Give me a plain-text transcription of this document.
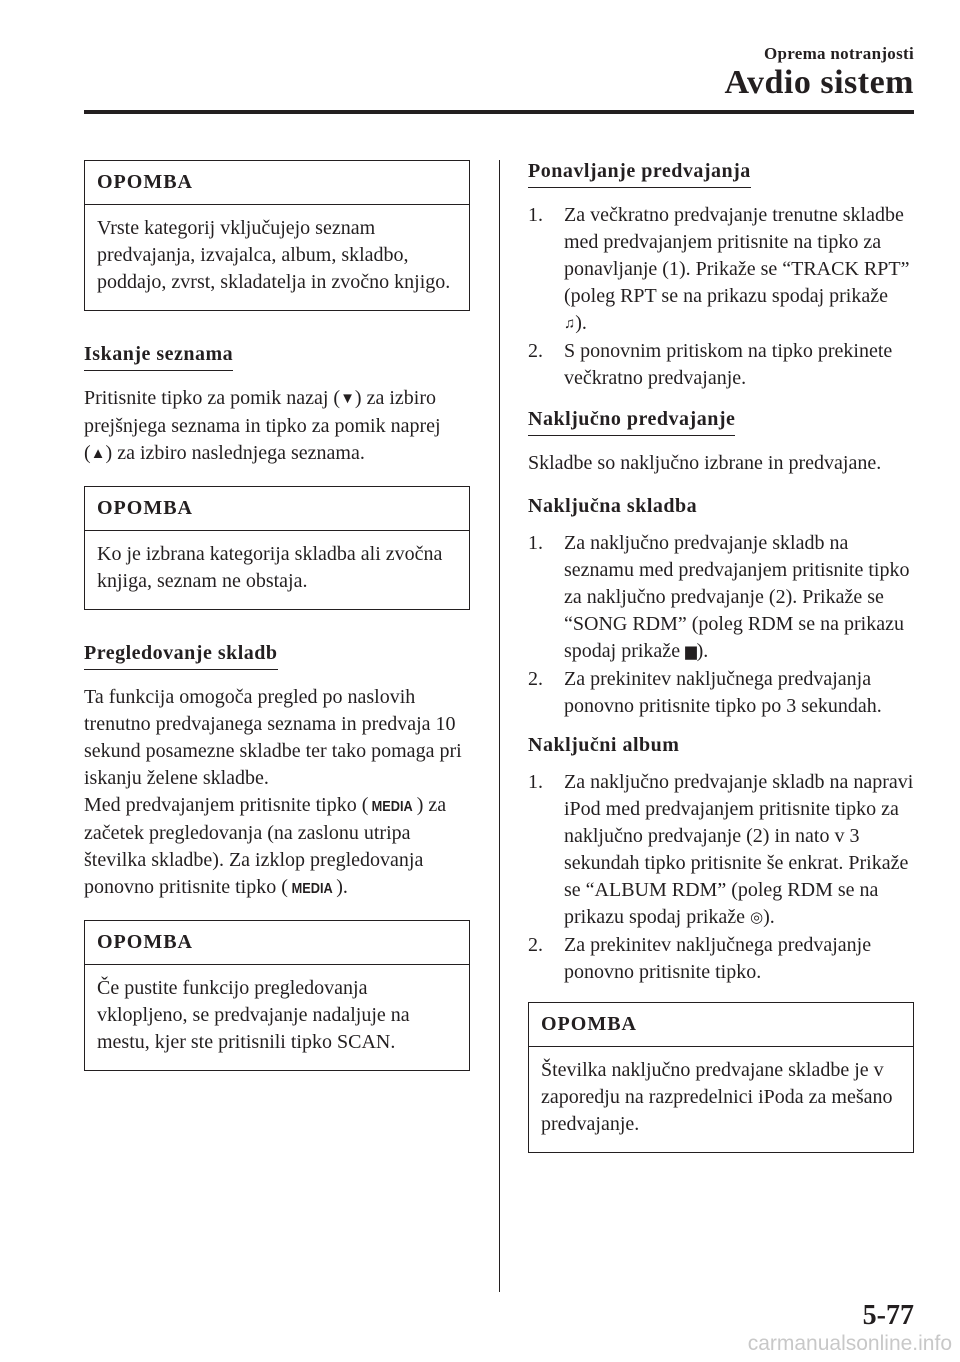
Oprema notranjosti
Avdio sistem
OPOMBA
Vrste kategorij vključujejo seznam predvajanja, izvajalca, album, skladbo, poddajo, zvrst, skladatelja in zvočno knjigo.
Iskanje seznama

Pritisnite tipko za pomik nazaj (▼) za izbiro prejšnjega seznama in tipko za pomik naprej (▲) za izbiro naslednjega seznama.

OPOMBA
Ko je izbrana kategorija skladba ali zvočna knjiga, seznam ne obstaja.
Pregledovanje skladb

Ta funkcija omogoča pregled po naslovih trenutno predvajanega seznama in predvaja 10 sekund posamezne skladbe ter tako pomaga pri iskanju želene skladbe.

Med predvajanjem pritisnite tipko ( MEDIA ) za začetek pregledovanja (na zaslonu utripa številka skladbe). Za izklop pregledovanja ponovno pritisnite tipko ( MEDIA ).

OPOMBA
Če pustite funkcijo pregledovanja vklopljeno, se predvajanje nadaljuje na mestu, kjer ste pritisnili tipko SCAN.
Ponavljanje predvajanja
1. Za večkratno predvajanje trenutne skladbe med predvajanjem pritisnite na tipko za ponavljanje (1). Prikaže se “TRACK RPT” (poleg RPT se na prikazu spodaj prikaže ♫).
2. S ponovnim pritiskom na tipko prekinete večkratno predvajanje.
Naključno predvajanje

Skladbe so naključno izbrane in predvajane.

Naključna skladba
1. Za naključno predvajanje skladb na seznamu med predvajanjem pritisnite tipko za naključno predvajanje (2). Prikaže se “SONG RDM” (poleg RDM se na prikazu spodaj prikaže ▆).
2. Za prekinitev naključnega predvajanja ponovno pritisnite tipko po 3 sekundah.
Naključni album
1. Za naključno predvajanje skladb na napravi iPod med predvajanjem pritisnite tipko za naključno predvajanje (2) in nato v 3 sekundah tipko pritisnite še enkrat. Prikaže se “ALBUM RDM” (poleg RDM se na prikazu spodaj prikaže ◎).
2. Za prekinitev naključnega predvajanje ponovno pritisnite tipko.
OPOMBA
Številka naključno predvajane skladbe je v zaporedju na razpredelnici iPoda za mešano predvajanje.
5-77
carmanualsonline.info
